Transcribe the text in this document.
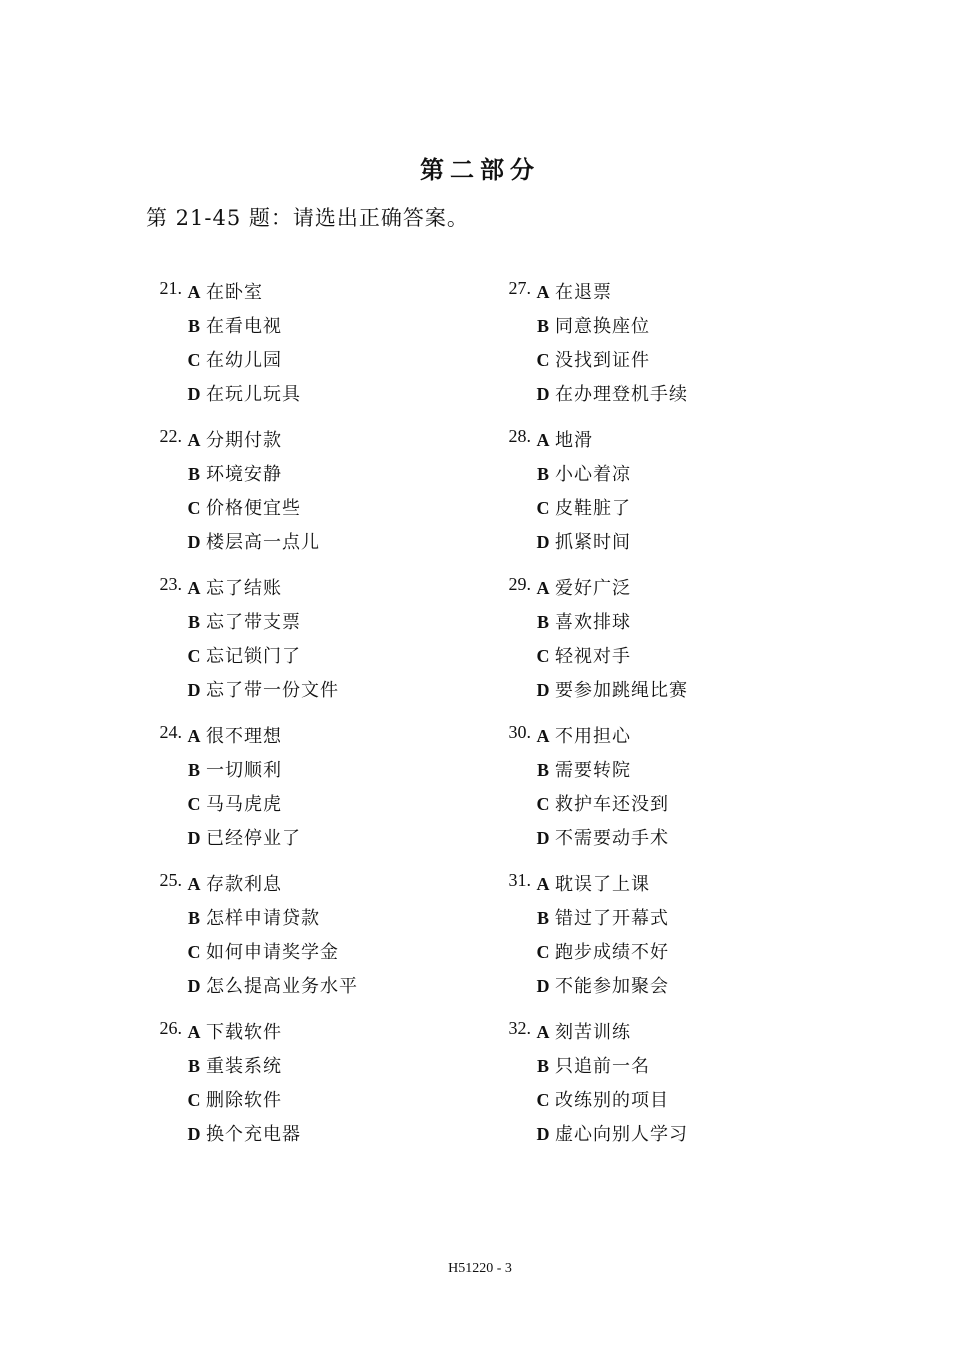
第二部分
第 21-45 题：请选出正确答案。
21. A 在卧室
B 在看电视
C 在幼儿园
D 在玩儿玩具
22. A 分期付款
B 环境安静
C 价格便宜些
D 楼层高一点儿
23. A 忘了结账
B 忘了带支票
C 忘记锁门了
D 忘了带一份文件
24. A 很不理想
B 一切顺利
C 马马虎虎
D 已经停业了
25. A 存款利息
B 怎样申请贷款
C 如何申请奖学金
D 怎么提高业务水平
26. A 下载软件
B 重装系统
C 删除软件
D 换个充电器
27. A 在退票
B 同意换座位
C 没找到证件
D 在办理登机手续
28. A 地滑
B 小心着凉
C 皮鞋脏了
D 抓紧时间
29. A 爱好广泛
B 喜欢排球
C 轻视对手
D 要参加跳绳比赛
30. A 不用担心
B 需要转院
C 救护车还没到
D 不需要动手术
31. A 耽误了上课
B 错过了开幕式
C 跑步成绩不好
D 不能参加聚会
32. A 刻苦训练
B 只追前一名
C 改练别的项目
D 虚心向别人学习
H51220 - 3
